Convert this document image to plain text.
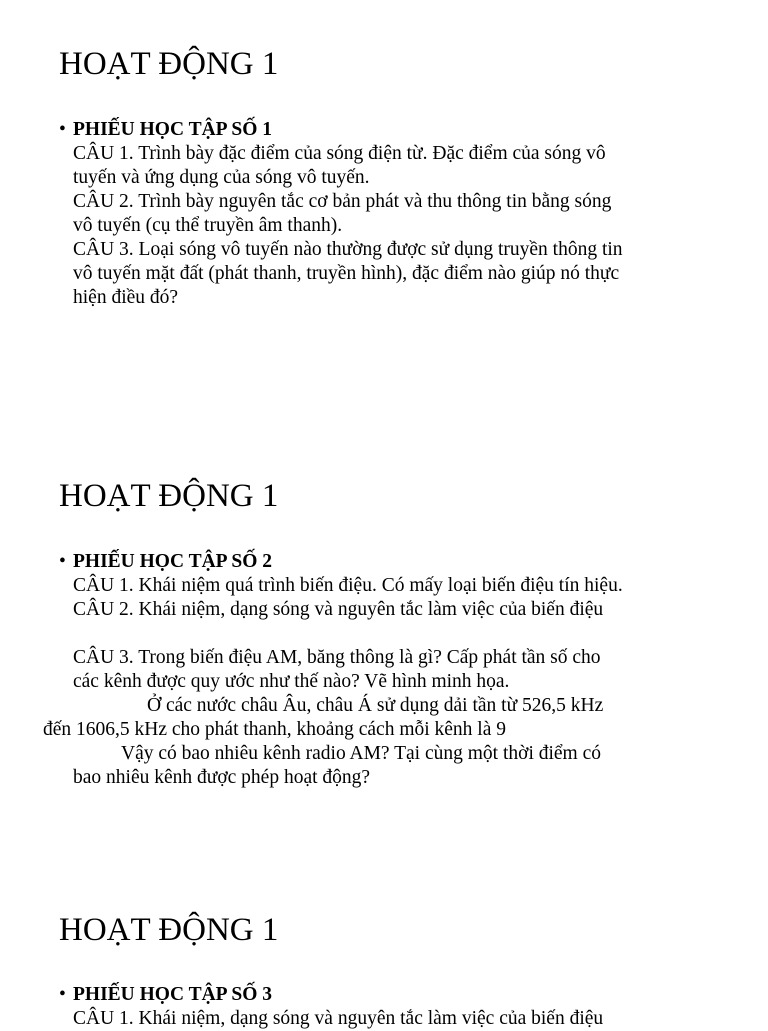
HOẠT ĐỘNG 1
• PHIẾU HỌC TẬP SỐ 1

CÂU 1. Trình bày đặc điểm của sóng điện từ. Đặc điểm của sóng vô

tuyến và ứng dụng của sóng vô tuyến.

CÂU 2. Trình bày nguyên tắc cơ bản phát và thu thông tin bằng sóng

vô tuyến (cụ thể truyền âm thanh).

CÂU 3. Loại sóng vô tuyến nào thường được sử dụng truyền thông tin

vô tuyến mặt đất (phát thanh, truyền hình), đặc điểm nào giúp nó thực

hiện điều đó?

HOẠT ĐỘNG 1
• PHIẾU HỌC TẬP SỐ 2

CÂU 1. Khái niệm quá trình biến điệu. Có mấy loại biến điệu tín hiệu.

CÂU 2. Khái niệm, dạng sóng và nguyên tắc làm việc của biến điệu

CÂU 3. Trong biến điệu AM, băng thông là gì? Cấp phát tần số cho

các kênh được quy ước như thế nào? Vẽ hình minh họa.

Ở các nước châu Âu, châu Á sử dụng dải tần từ 526,5 kHz

đến 1606,5 kHz cho phát thanh, khoảng cách mỗi kênh là 9

Vậy có bao nhiêu kênh radio AM? Tại cùng một thời điểm có

bao nhiêu kênh được phép hoạt động?

HOẠT ĐỘNG 1
• PHIẾU HỌC TẬP SỐ 3

CÂU 1. Khái niệm, dạng sóng và nguyên tắc làm việc của biến điệu
